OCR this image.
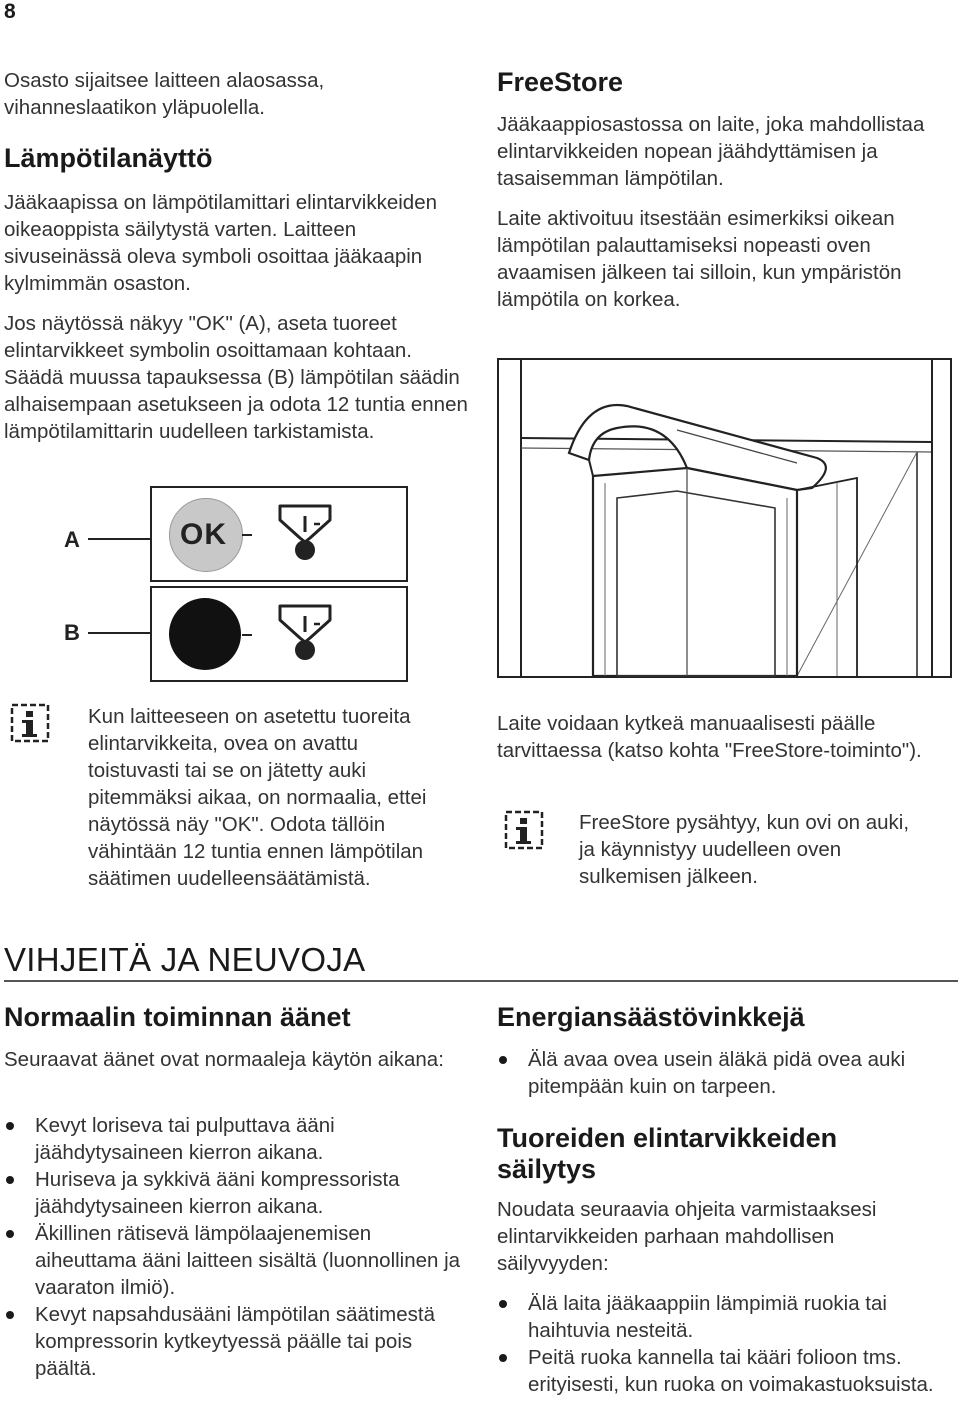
8

Osasto sijaitsee laitteen alaosassa, vihanneslaatikon yläpuolella.

Lämpötilanäyttö

Jääkaapissa on lämpötilamittari elintarvikkeiden oikeaoppista säilytystä varten. Laitteen sivuseinässä oleva symboli osoittaa jääkaapin kylmimmän osaston.

Jos näytössä näkyy "OK" (A), aseta tuoreet elintarvikkeet symbolin osoittamaan kohtaan. Säädä muussa tapauksessa (B) lämpötilan säädin alhaisempaan asetukseen ja odota 12 tuntia ennen lämpötilamittarin uudelleen tarkistamista.

A	OK
B

Kun laitteeseen on asetettu tuoreita elintarvikkeita, ovea on avattu toistuvasti tai se on jätetty auki pitemmäksi aikaa, on normaalia, ettei näytössä näy "OK". Odota tällöin vähintään 12 tuntia ennen lämpötilan säätimen uudelleensäätämistä.

FreeStore

Jääkaappiosastossa on laite, joka mahdollistaa elintarvikkeiden nopean jäähdyttämisen ja tasaisemman lämpötilan.

Laite aktivoituu itsestään esimerkiksi oikean lämpötilan palauttamiseksi nopeasti oven avaamisen jälkeen tai silloin, kun ympäristön lämpötila on korkea.

Laite voidaan kytkeä manuaalisesti päälle tarvittaessa (katso kohta "FreeStore-toiminto").

FreeStore pysähtyy, kun ovi on auki, ja käynnistyy uudelleen oven sulkemisen jälkeen.

VIHJEITÄ JA NEUVOJA
Normaalin toiminnan äänet

Seuraavat äänet ovat normaaleja käytön aikana:

Kevyt loriseva tai pulputtava ääni jäähdytysaineen kierron aikana.
Huriseva ja sykkivä ääni kompressorista jäähdytysaineen kierron aikana.
Äkillinen rätisevä lämpölaajenemisen aiheuttama ääni laitteen sisältä (luonnollinen ja vaaraton ilmiö).
Kevyt napsahdusääni lämpötilan säätimestä kompressorin kytkeytyessä päälle tai pois päältä.
Energiansäästövinkkejä
Älä avaa ovea usein äläkä pidä ovea auki pitempään kuin on tarpeen.
Tuoreiden elintarvikkeiden säilytys

Noudata seuraavia ohjeita varmistaaksesi elintarvikkeiden parhaan mahdollisen säilyvyyden:

Älä laita jääkaappiin lämpimiä ruokia tai haihtuvia nesteitä.
Peitä ruoka kannella tai kääri folioon tms. erityisesti, kun ruoka on voimakastuoksuista.
